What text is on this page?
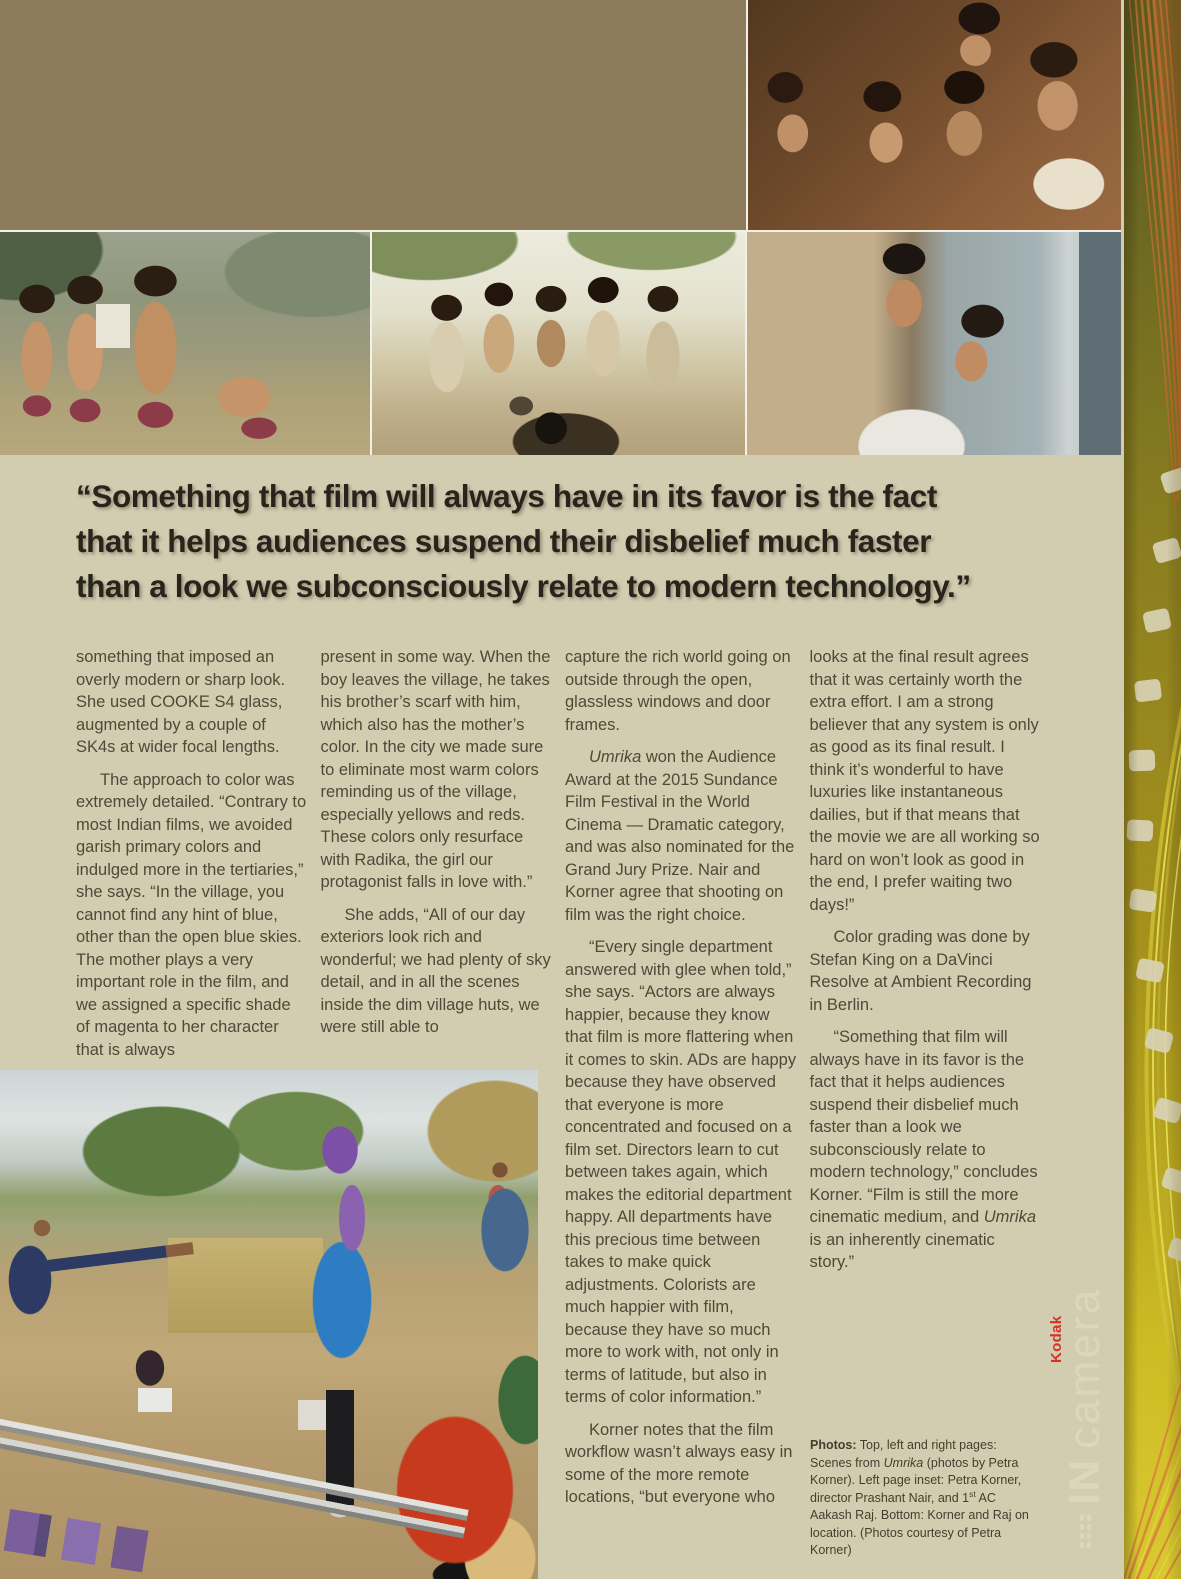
“Something that film will always have in its favor is the fact
that it helps audiences suspend their disbelief much faster
than a look we subconsciously relate to modern technology.”

something that imposed an overly modern or sharp look. She used COOKE S4 glass, augmented by a couple of SK4s at wider focal lengths.

The approach to color was extremely detailed. “Contrary to most Indian films, we avoided garish primary colors and indulged more in the tertiaries,” she says. “In the village, you cannot find any hint of blue, other than the open blue skies. The mother plays a very important role in the film, and we assigned a specific shade of magenta to her character that is always

present in some way. When the boy leaves the village, he takes his brother’s scarf with him, which also has the mother’s color. In the city we made sure to eliminate most warm colors reminding us of the village, especially yellows and reds. These colors only resurface with Radika, the girl our protagonist falls in love with.”

She adds, “All of our day exteriors look rich and wonderful; we had plenty of sky detail, and in all the scenes inside the dim village huts, we were still able to

capture the rich world going on outside through the open, glassless windows and door frames.

Umrika won the Audience Award at the 2015 Sundance Film Festival in the World Cinema — Dramatic category, and was also nominated for the Grand Jury Prize. Nair and Korner agree that shooting on film was the right choice.

“Every single department answered with glee when told,” she says. “Actors are always happier, because they know that film is more flattering when it comes to skin. ADs are happy because they have observed that everyone is more concentrated and focused on a film set. Directors learn to cut between takes again, which makes the editorial department happy. All departments have this precious time between takes to make quick adjustments. Colorists are much happier with film, because they have so much more to work with, not only in terms of latitude, but also in terms of color information.”

Korner notes that the film workflow wasn’t always easy in some of the more remote locations, “but everyone who

looks at the final result agrees that it was certainly worth the extra effort. I am a strong believer that any system is only as good as its final result. I think it’s wonderful to have luxuries like instantaneous dailies, but if that means that the movie we are all working so hard on won’t look as good in the end, I prefer waiting two days!”

Color grading was done by Stefan King on a DaVinci Resolve at Ambient Recording in Berlin.

“Something that film will always have in its favor is the fact that it helps audiences suspend their disbelief much faster than a look we subconsciously relate to modern technology,” concludes Korner. “Film is still the more cinematic medium, and Umrika is an inherently cinematic story.”

Photos: Top, left and right pages: Scenes from Umrika (photos by Petra Korner). Left page inset: Petra Korner, director Prashant Nair, and 1st AC Aakash Raj. Bottom: Korner and Raj on location. (Photos courtesy of Petra Korner)

Kodak
IN
camera
